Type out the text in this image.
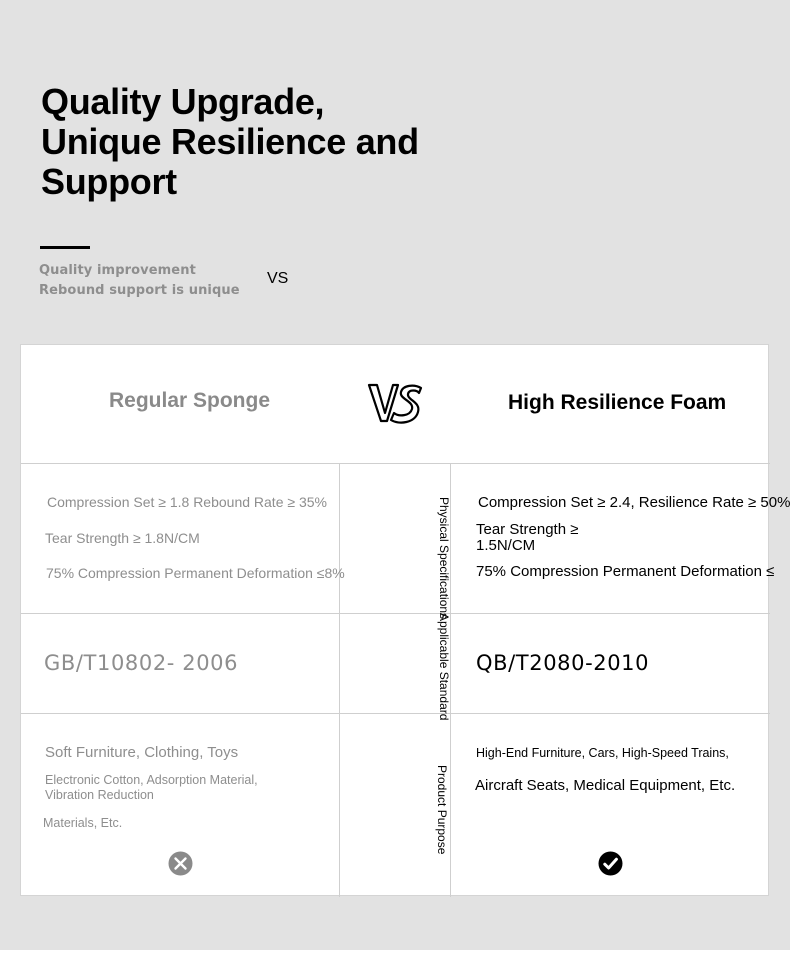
Quality Upgrade,
Unique Resilience and
Support
Quality improvement
Rebound support is unique
Regular Sponge
VS
High Resilience Foam
Compression Set ≥ 1.8 Rebound Rate ≥ 35%
Tear Strength ≥ 1.8N/CM
75% Compression Permanent Deformation ≤8%
Compression Set ≥ 2.4, Resilience Rate ≥ 50%
Tear Strength ≥
1.5N/CM
75% Compression Permanent Deformation ≤
Physical Specifications
Applicable Standard
Product Purpose
GB/T10802- 2006	QB/T2080-2010
Soft Furniture, Clothing, Toys
Electronic Cotton, Adsorption Material,
Vibration Reduction
Materials, Etc.
High-End Furniture, Cars, High-Speed Trains,
Aircraft Seats, Medical Equipment, Etc.
